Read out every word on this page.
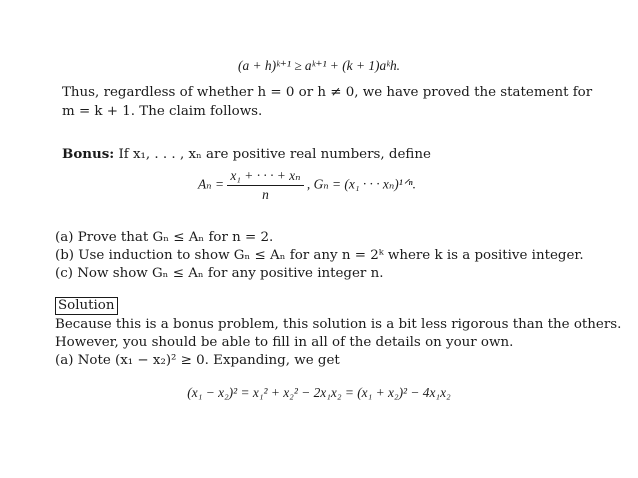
(a + h)ᵏ⁺¹ ≥ aᵏ⁺¹ + (k + 1)aᵏh.
Thus, regardless of whether h = 0 or h ≠ 0, we have proved the statement for m = k + 1. The claim follows.
Bonus: If x₁, . . . , xₙ are positive real numbers, define
$A_n = \frac{\text{x₁ + · · · + xₙ}}{n}$ , Gₙ = (x₁ · · · xₙ)¹ᐟⁿ.
(a) Prove that Gₙ ≤ Aₙ for n = 2.
(b) Use induction to show Gₙ ≤ Aₙ for any n = 2ᵏ where k is a positive integer.
(c) Now show Gₙ ≤ Aₙ for any positive integer n.
Solution
Because this is a bonus problem, this solution is a bit less rigorous than the others.
However, you should be able to fill in all of the details on your own.
(a) Note (x₁ − x₂)² ≥ 0. Expanding, we get
(x₁ − x₂)² = x₁² + x₂² − 2x₁x₂ = (x₁ + x₂)² − 4x₁x₂
